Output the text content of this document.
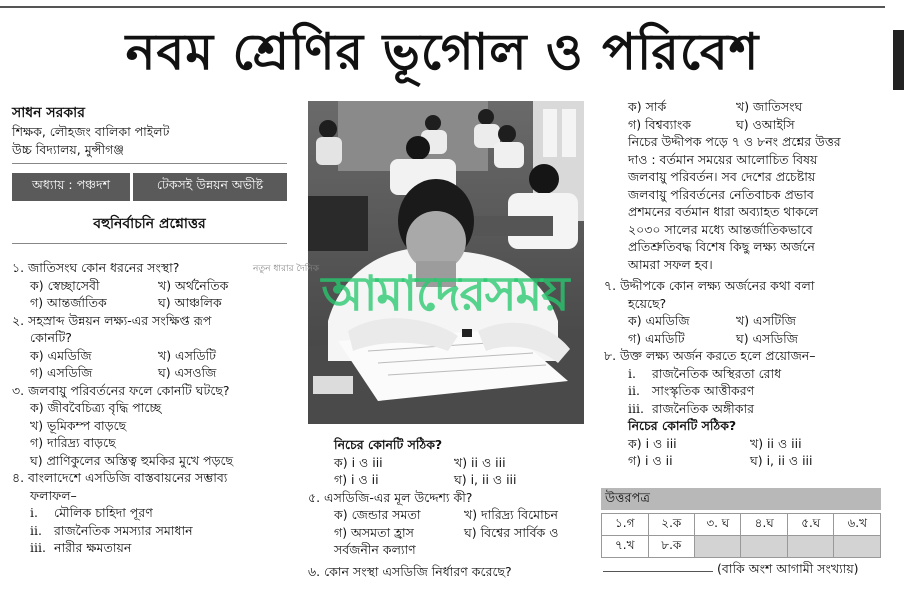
নবম শ্রেণির ভূগোল ও পরিবেশ

সাধন সরকার

শিক্ষক, লৌহজং বালিকা পাইলট

উচ্চ বিদ্যালয়, মুন্সীগঞ্জ

অধ্যায় : পঞ্চদশ	টেকসই উন্নয়ন অভীষ্ট
বহুনির্বাচনি প্রশ্নোত্তর

১. জাতিসংঘ কোন ধরনের সংস্থা?

ক) স্বেচ্ছাসেবী	খ) অর্থনৈতিক

গ) আন্তর্জাতিক	ঘ) আঞ্চলিক

২. সহস্রাব্দ উন্নয়ন লক্ষ্য-এর সংক্ষিপ্ত রূপ

কোনটি?

ক) এমডিজি	খ) এসডিটি

গ) এসডিজি	ঘ) এসওজি

৩. জলবায়ু পরিবর্তনের ফলে কোনটি ঘটছে?

ক) জীববৈচিত্র্য বৃদ্ধি পাচ্ছে

খ) ভূমিকম্প বাড়ছে

গ) দারিদ্র্য বাড়ছে

ঘ) প্রাণিকুলের অস্তিত্ব হুমকির মুখে পড়ছে

৪. বাংলাদেশে এসডিজি বাস্তবায়নের সম্ভাব্য

ফলাফল–

i. মৌলিক চাহিদা পূরণ

ii. রাজনৈতিক সমস্যার সমাধান

iii. নারীর ক্ষমতায়ন

নিচের কোনটি সঠিক?

ক) i ও iii	খ) ii ও iii

গ) i ও ii	ঘ) i, ii ও iii

৫. এসডিজি-এর মূল উদ্দেশ্য কী?

ক) জেন্ডার সমতা	খ) দারিদ্র্য বিমোচন

গ) অসমতা হ্রাস	ঘ) বিশ্বের সার্বিক ও

সর্বজনীন কল্যাণ

৬. কোন সংস্থা এসডিজি নির্ধারণ করেছে?

ক) সার্ক	খ) জাতিসংঘ

গ) বিশ্বব্যাংক	ঘ) ওআইসি

নিচের উদ্দীপক পড়ে ৭ ও ৮নং প্রশ্নের উত্তর

দাও : বর্তমান সময়ের আলোচিত বিষয়

জলবায়ু পরিবর্তন। সব দেশের প্রচেষ্টায়

জলবায়ু পরিবর্তনের নেতিবাচক প্রভাব

প্রশমনের বর্তমান ধারা অব্যাহত থাকলে

২০৩০ সালের মধ্যে আন্তর্জাতিকভাবে

প্রতিশ্রুতিবদ্ধ বিশেষ কিছু লক্ষ্য অর্জনে

আমরা সফল হব।

৭. উদ্দীপকে কোন লক্ষ্য অর্জনের কথা বলা

হয়েছে?

ক) এমডিজি	খ) এসটিজি

গ) এমডিটি	ঘ) এসডিজি

৮. উক্ত লক্ষ্য অর্জন করতে হলে প্রয়োজন–

i. রাজনৈতিক অস্থিরতা রোধ

ii. সাংস্কৃতিক আত্তীকরণ

iii. রাজনৈতিক অঙ্গীকার

নিচের কোনটি সঠিক?

ক) i ও iii	খ) ii ও iii

গ) i ও ii	ঘ) i, ii ও iii

উত্তরপত্র
১.গ	২.ক	৩. ঘ	৪.ঘ	৫.ঘ	৬.খ
৭.খ	৮.ক				
(বাকি অংশ আগামী সংখ্যায়)
নতুন ধারার দৈনিক আমাদেরসময়
